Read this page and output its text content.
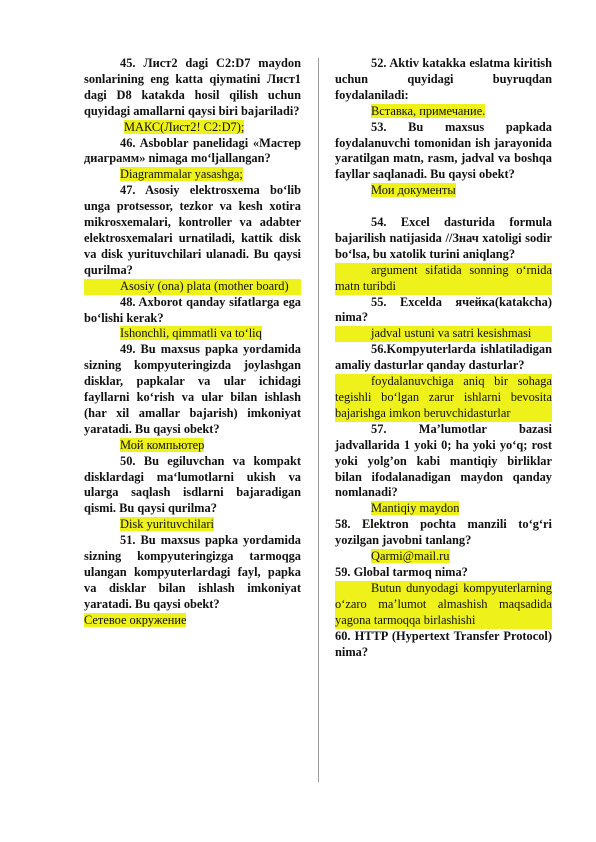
45. Лист2 dagi C2:D7 maydon sonlarining eng katta qiymatini Лист1 dagi D8 katakda hosil qilish uchun quyidagi amallarni qaysi biri bajariladi?

МАКС(Лист2! C2:D7);

46. Asboblar panelidagi «Мастер диаграмм» nimaga mo‘ljallangan?

Diagrammalar yasashga;

47. Asosiy elektrosxema bo‘lib unga protsessor, tezkor va kesh xotira mikrosxemalari, kontroller va adabter elektrosxemalari urnatiladi, kattik disk va disk yurituvchilari ulanadi. Bu qaysi qurilma?

Asosiy (ona) plata (mother board)

48. Axborot qanday sifatlarga ega bo‘lishi kerak?

Ishonchli, qimmatli va to‘liq

49. Bu maxsus papka yordamida sizning kompyuteringizda joylashgan disklar, papkalar va ular ichidagi fayllarni ko‘rish va ular bilan ishlash (har xil amallar bajarish) imkoniyat yaratadi. Bu qaysi obekt?

Мой компьютер

50. Bu egiluvchan va kompakt disklardagi ma‘lumotlarni ukish va ularga saqlash isdlarni bajaradigan qismi. Bu qaysi qurilma?

Disk yurituvchilari

51. Bu maxsus papka yordamida sizning kompyuteringizga tarmoqga ulangan kompyuterlardagi fayl, papka va disklar bilan ishlash imkoniyat yaratadi. Bu qaysi obekt?

Сетевое окружение

52. Aktiv katakka eslatma kiritish uchun quyidagi buyruqdan foydalaniladi:

Вставка, примечание.

53. Bu maxsus papkada foydalanuvchi tomonidan ish jarayonida yaratilgan matn, rasm, jadval va boshqa fayllar saqlanadi. Bu qaysi obekt?

Мои документы

54. Excel dasturida formula bajarilish natijasida //Знач xatoligi sodir bo‘lsa, bu xatolik turini aniqlang?

argument sifatida sonning o‘rnida matn turibdi

55. Excelda ячейка(katakcha) nima?

jadval ustuni va satri kesishmasi

56.Kompyuterlarda ishlatiladigan amaliy dasturlar qanday dasturlar?

foydalanuvchiga aniq bir sohaga tegishli bo‘lgan zarur ishlarni bevosita bajarishga imkon beruvchidasturlar

57. Ma’lumotlar bazasi jadvallarida 1 yoki 0; ha yoki yo‘q; rost yoki yolg’on kabi mantiqiy birliklar bilan ifodalanadigan maydon qanday nomlanadi?

Mantiqiy maydon

58. Elektron pochta manzili to‘g‘ri yozilgan javobni tanlang?

Qarmi@mail.ru

59. Global tarmoq nima?

Butun dunyodagi kompyuterlarning o‘zaro ma’lumot almashish maqsadida yagona tarmoqqa birlashishi

60. HTTP (Hypertext Transfer Protocol) nima?
